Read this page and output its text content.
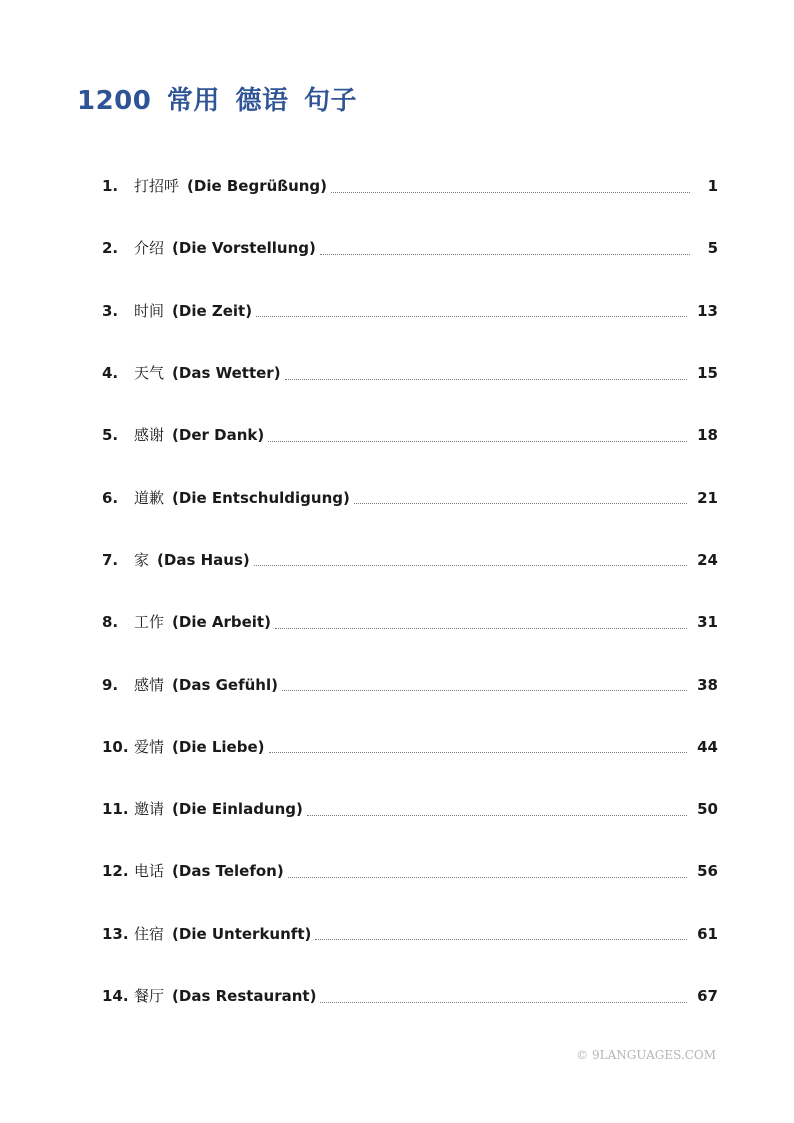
1200 常用 德语 句子
1.	打招呼 (Die Begrüßung)	1
2.	介绍 (Die Vorstellung)	5
3.	时间 (Die Zeit)	13
4.	天气 (Das Wetter)	15
5.	感谢 (Der Dank)	18
6.	道歉 (Die Entschuldigung)	21
7.	家 (Das Haus)	24
8.	工作 (Die Arbeit)	31
9.	感情 (Das Gefühl)	38
10. 爱情 (Die Liebe)	44
11. 邀请 (Die Einladung)	50
12. 电话 (Das Telefon)	56
13. 住宿 (Die Unterkunft)	61
14. 餐厅 (Das Restaurant)	67
© 9LANGUAGES.COM
